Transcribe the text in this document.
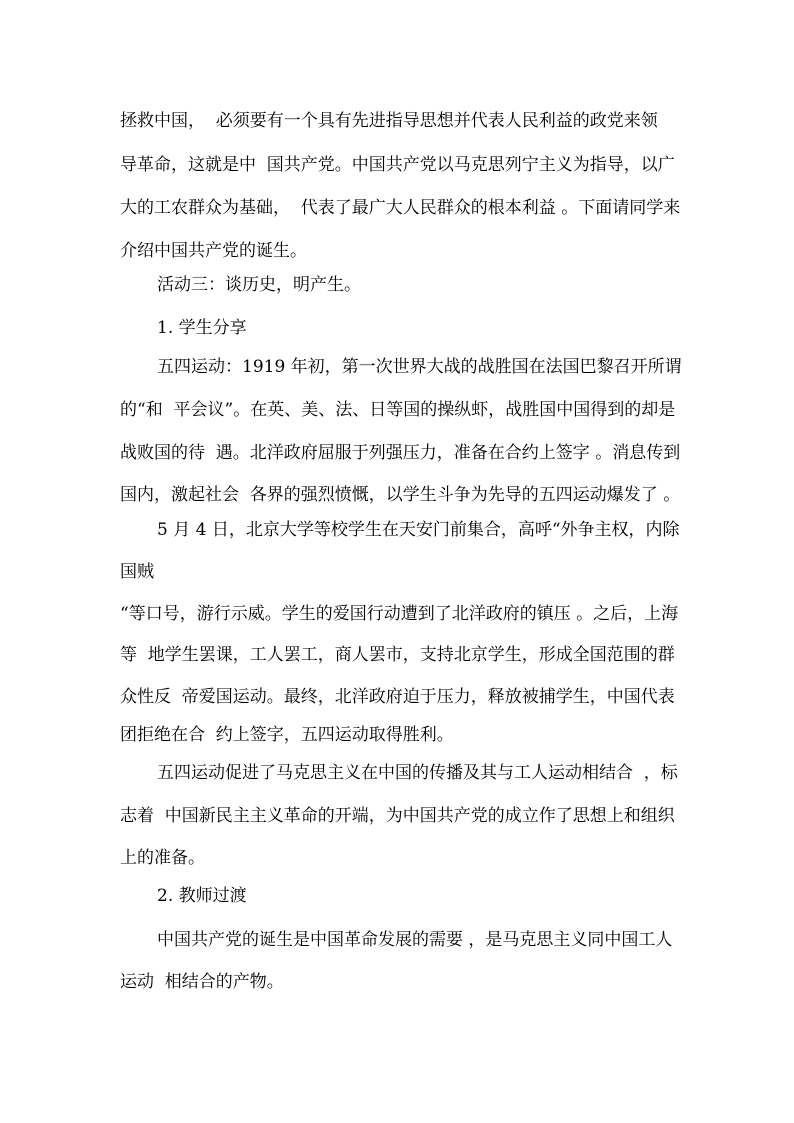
拯救中国，  必须要有一个具有先进指导思想并代表人民利益的政党来领
导革命，这就是中  国共产党。中国共产党以马克思列宁主义为指导，以广
大的工农群众为基础，  代表了最广大人民群众的根本利益 。下面请同学来
介绍中国共产党的诞生。
活动三：谈历史，明产生。
1. 学生分享
五四运动：1919 年初，第一次世界大战的战胜国在法国巴黎召开所谓
的“和  平会议”。在英、美、法、日等国的操纵虾，战胜国中国得到的却是
战败国的待  遇。北洋政府屈服于列强压力，准备在合约上签字 。消息传到
国内，激起社会  各界的强烈愤慨，以学生斗争为先导的五四运动爆发了 。
5 月 4 日，北京大学等校学生在天安门前集合，高呼“外争主权，内除
国贼
“等口号，游行示威。学生的爱国行动遭到了北洋政府的镇压 。之后，上海
等  地学生罢课，工人罢工，商人罢市，支持北京学生，形成全国范围的群
众性反  帝爱国运动。最终，北洋政府迫于压力，释放被捕学生，中国代表
团拒绝在合  约上签字，五四运动取得胜利。
五四运动促进了马克思主义在中国的传播及其与工人运动相结合  ，标
志着  中国新民主主义革命的开端，为中国共产党的成立作了思想上和组织
上的准备。
2. 教师过渡
中国共产党的诞生是中国革命发展的需要 ，是马克思主义同中国工人
运动  相结合的产物。
